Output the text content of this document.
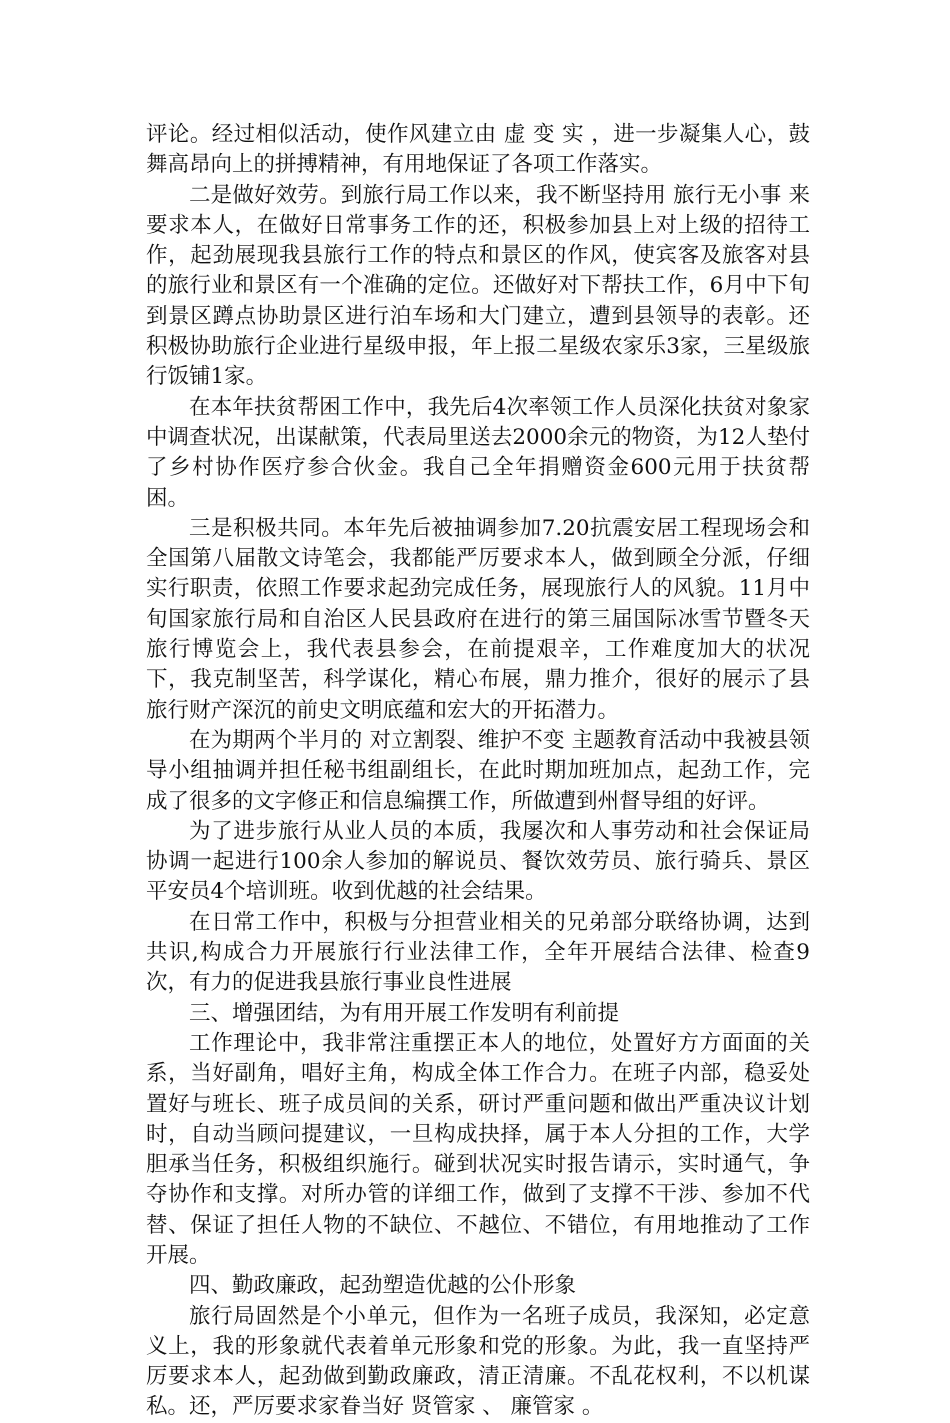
评论。经过相似活动，使作风建立由 虚 变 实 ，进一步凝集人心，鼓舞高昂向上的拼搏精神，有用地保证了各项工作落实。

二是做好效劳。到旅行局工作以来，我不断坚持用 旅行无小事 来要求本人，在做好日常事务工作的还，积极参加县上对上级的招待工作，起劲展现我县旅行工作的特点和景区的作风，使宾客及旅客对县的旅行业和景区有一个准确的定位。还做好对下帮扶工作，6月中下旬到景区蹲点协助景区进行泊车场和大门建立，遭到县领导的表彰。还积极协助旅行企业进行星级申报，年上报二星级农家乐3家，三星级旅行饭铺1家。

在本年扶贫帮困工作中，我先后4次率领工作人员深化扶贫对象家中调查状况，出谋献策，代表局里送去2000余元的物资，为12人垫付了乡村协作医疗参合伙金。我自己全年捐赠资金600元用于扶贫帮困。

三是积极共同。本年先后被抽调参加7.20抗震安居工程现场会和全国第八届散文诗笔会，我都能严厉要求本人，做到顾全分派，仔细实行职责，依照工作要求起劲完成任务，展现旅行人的风貌。11月中旬国家旅行局和自治区人民县政府在进行的第三届国际冰雪节暨冬天旅行博览会上，我代表县参会，在前提艰辛，工作难度加大的状况下，我克制坚苦，科学谋化，精心布展，鼎力推介，很好的展示了县旅行财产深沉的前史文明底蕴和宏大的开拓潜力。

在为期两个半月的 对立割裂、维护不变 主题教育活动中我被县领导小组抽调并担任秘书组副组长，在此时期加班加点，起劲工作，完成了很多的文字修正和信息编撰工作，所做遭到州督导组的好评。

为了进步旅行从业人员的本质，我屡次和人事劳动和社会保证局协调一起进行100余人参加的解说员、餐饮效劳员、旅行骑兵、景区平安员4个培训班。收到优越的社会结果。

在日常工作中，积极与分担营业相关的兄弟部分联络协调，达到共识,构成合力开展旅行行业法律工作，全年开展结合法律、检查9次，有力的促进我县旅行事业良性进展

三、增强团结，为有用开展工作发明有利前提

工作理论中，我非常注重摆正本人的地位，处置好方方面面的关系，当好副角，唱好主角，构成全体工作合力。在班子内部，稳妥处置好与班长、班子成员间的关系，研讨严重问题和做出严重决议计划时，自动当顾问提建议，一旦构成抉择，属于本人分担的工作，大学胆承当任务，积极组织施行。碰到状况实时报告请示，实时通气，争夺协作和支撑。对所办管的详细工作，做到了支撑不干涉、参加不代替、保证了担任人物的不缺位、不越位、不错位，有用地推动了工作开展。

四、勤政廉政，起劲塑造优越的公仆形象

旅行局固然是个小单元，但作为一名班子成员，我深知，必定意义上，我的形象就代表着单元形象和党的形象。为此，我一直坚持严厉要求本人，起劲做到勤政廉政，清正清廉。不乱花权利，不以机谋私。还，严厉要求家眷当好 贤管家 、 廉管家 。
